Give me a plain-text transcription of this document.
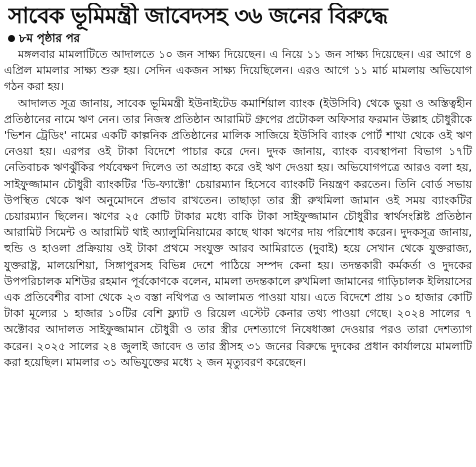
সাবেক ভূমিমন্ত্রী জাবেদসহ ৩৬ জনের বিরুদ্ধে
৮ম পৃষ্ঠার পর

মঙ্গলবার মামলাটিতে আদালতে ১০ জন সাক্ষ্য দিয়েছেন। এ নিয়ে ১১ জন সাক্ষ্য দিয়েছেন। এর আগে ৪ এপ্রিল মামলার সাক্ষ্য শুরু হয়। সেদিন একজন সাক্ষ্য দিয়েছিলেন। এরও আগে ১১ মার্চ মামলায় অভিযোগ গঠন করা হয়।

আদালত সূত্র জানায়, সাবেক ভূমিমন্ত্রী ইউনাইটেড কমার্শিয়াল ব্যাংক (ইউসিবি) থেকে ভুয়া ও অস্তিত্বহীন প্রতিষ্ঠানের নামে ঋণ নেন। তার নিজস্ব প্রতিষ্ঠান আরামিট গ্রুপের প্রটোকল অফিসার ফরমান উল্লাহ চৌধুরীকে 'ভিশন ট্রেডিং' নামের একটি কাল্পনিক প্রতিষ্ঠানের মালিক সাজিয়ে ইউসিবি ব্যাংক পোর্ট শাখা থেকে ওই ঋণ নেওয়া হয়। এরপর ওই টাকা বিদেশে পাচার করে দেন। দুদক জানায়, ব্যাংক ব্যবস্থাপনা বিভাগ ১৭টি নেতিবাচক ঋণঝুঁকির পর্যবেক্ষণ দিলেও তা অগ্রাহ্য করে ওই ঋণ দেওয়া হয়। অভিযোগপত্রে আরও বলা হয়, সাইফুজ্জামান চৌধুরী ব্যাংকটির 'ডি-ফ্যাক্টো' চেয়ারম্যান হিসেবে ব্যাংকটি নিয়ন্ত্রণ করতেন। তিনি বোর্ড সভায় উপস্থিত থেকে ঋণ অনুমোদনে প্রভাব রাখতেন। তাছাড়া তার স্ত্রী রুখমিলা জামান ওই সময় ব্যাংকটির চেয়ারম্যান ছিলেন। ঋণের ২৫ কোটি টাকার মধ্যে বাকি টাকা সাইফুজ্জামান চৌধুরীর স্বার্থসংশ্লিষ্ট প্রতিষ্ঠান আরামিট সিমেন্ট ও আরামিট থাই অ্যালুমিনিয়ামের কাছে থাকা ঋণের দায় পরিশোধ করেন। দুদকসূত্র জানায়, হুন্ডি ও হাওলা প্রক্রিয়ায় ওই টাকা প্রথমে সংযুক্ত আরব আমিরাতে (দুবাই) হয়ে সেখান থেকে যুক্তরাজ্য, যুক্তরাষ্ট্র, মালয়েশিয়া, সিঙ্গাপুরসহ বিভিন্ন দেশে পাঠিয়ে সম্পদ কেনা হয়। তদন্তকারী কর্মকর্তা ও দুদকের উপপরিচালক মশিউর রহমান পূর্বকোণকে বলেন, মামলা তদন্তকালে রুখমিলা জামানের গাড়িচালক ইলিয়াসের এক প্রতিবেশীর বাসা থেকে ২৩ বস্তা নথিপত্র ও আলামত পাওয়া যায়। এতে বিদেশে প্রায় ১০ হাজার কোটি টাকা মূল্যের ১ হাজার ১০টির বেশি ফ্ল্যাট ও রিয়েল এস্টেট কেনার তথ্য পাওয়া গেছে। ২০২৪ সালের ৭ অক্টোবর আদালত সাইফুজ্জামান চৌধুরী ও তার স্ত্রীর দেশত্যাগে নিষেধাজ্ঞা দেওয়ার পরও তারা দেশত্যাগ করেন। ২০২৫ সালের ২৪ জুলাই জাবেদ ও তার স্ত্রীসহ ৩১ জনের বিরুদ্ধে দুদকের প্রধান কার্যালয়ে মামলাটি করা হয়েছিল। মামলার ৩১ অভিযুক্তের মধ্যে ২ জন মৃত্যুবরণ করেছেন।
